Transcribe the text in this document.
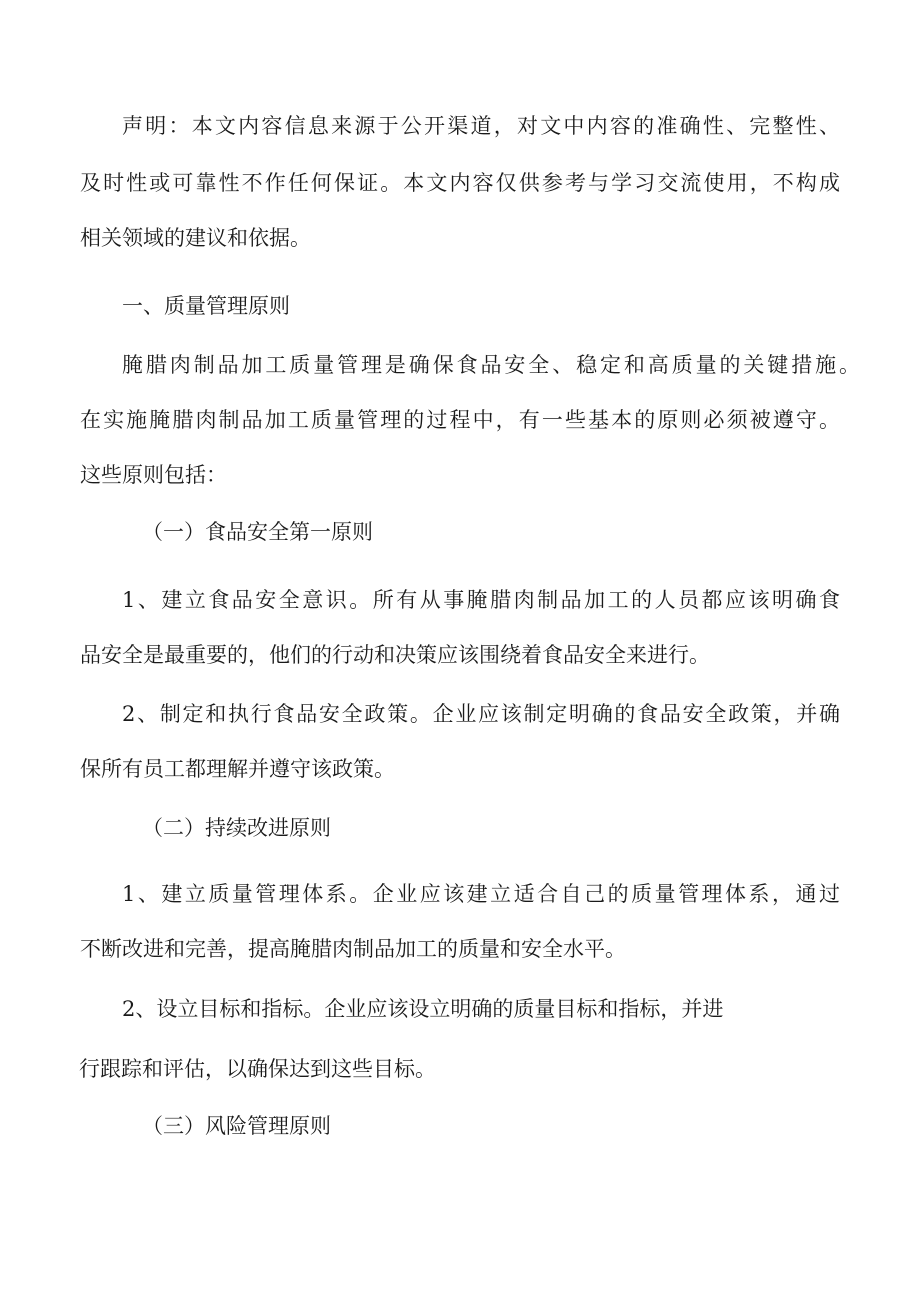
声明：本文内容信息来源于公开渠道，对文中内容的准确性、完整性、
及时性或可靠性不作任何保证。本文内容仅供参考与学习交流使用，不构成
相关领域的建议和依据。
一、质量管理原则
腌腊肉制品加工质量管理是确保食品安全、稳定和高质量的关键措施。
在实施腌腊肉制品加工质量管理的过程中，有一些基本的原则必须被遵守。
这些原则包括：
（一）食品安全第一原则
1、建立食品安全意识。所有从事腌腊肉制品加工的人员都应该明确食
品安全是最重要的，他们的行动和决策应该围绕着食品安全来进行。
2、制定和执行食品安全政策。企业应该制定明确的食品安全政策，并确
保所有员工都理解并遵守该政策。
（二）持续改进原则
1、建立质量管理体系。企业应该建立适合自己的质量管理体系，通过
不断改进和完善，提高腌腊肉制品加工的质量和安全水平。
2、设立目标和指标。企业应该设立明确的质量目标和指标，并进
行跟踪和评估，以确保达到这些目标。
（三）风险管理原则
